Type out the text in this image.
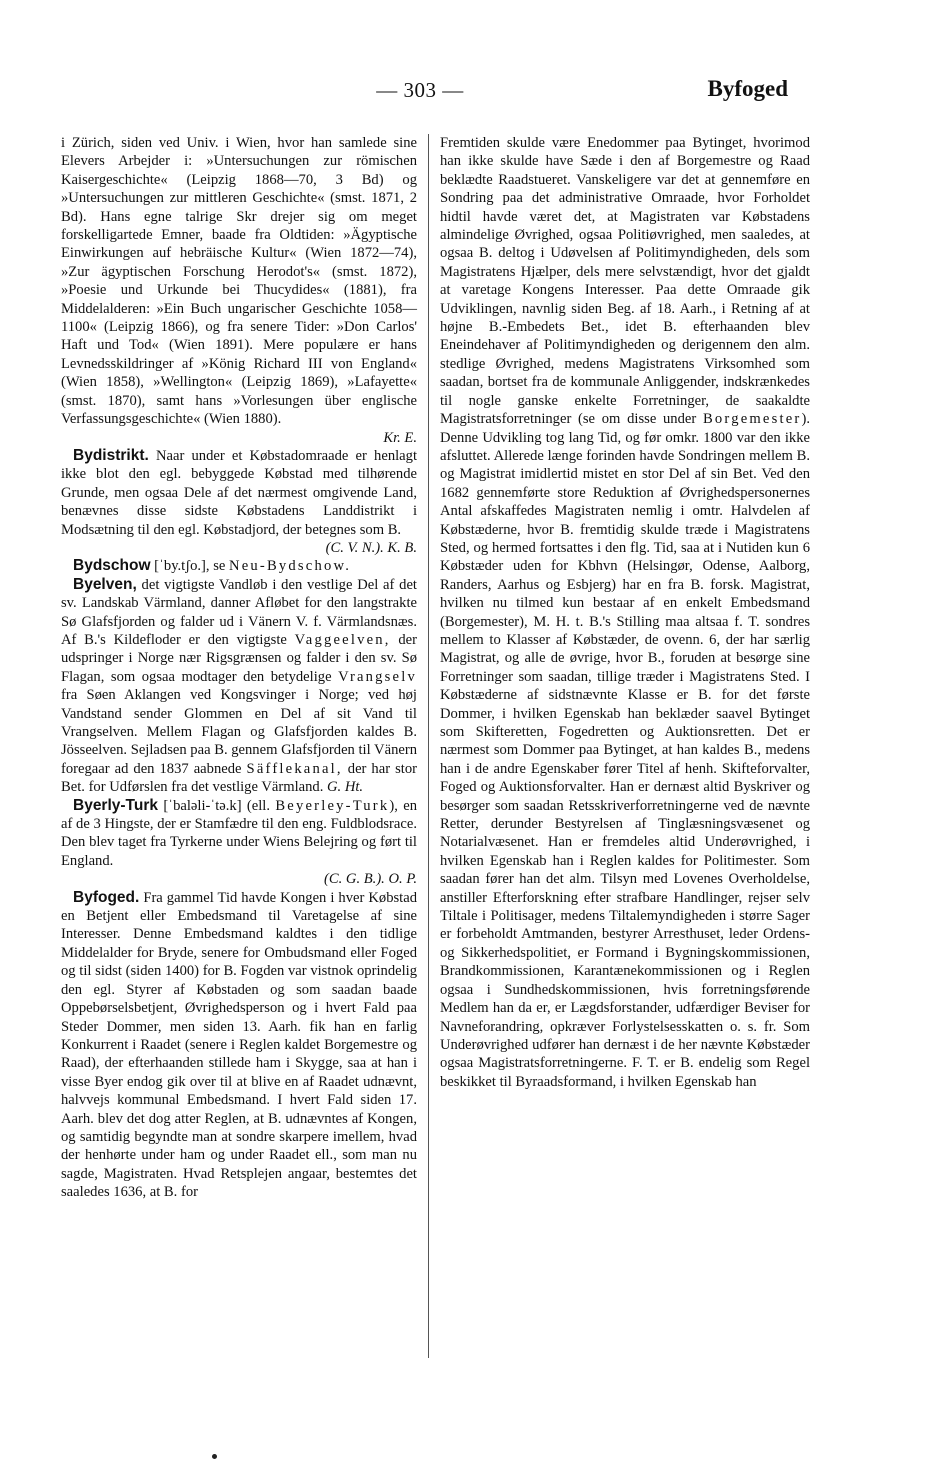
— 303 —	Byfoged

i Zürich, siden ved Univ. i Wien, hvor han samlede sine Elevers Arbejder i: »Untersuchungen zur römischen Kaisergeschichte« (Leipzig 1868—70, 3 Bd) og »Untersuchungen zur mittleren Geschichte« (smst. 1871, 2 Bd). Hans egne talrige Skr drejer sig om meget forskelligartede Emner, baade fra Oldtiden: »Ägyptische Einwirkungen auf hebräische Kultur« (Wien 1872—74), »Zur ägyptischen Forschung Herodot's« (smst. 1872), »Poesie und Urkunde bei Thucydides« (1881), fra Middelalderen: »Ein Buch ungarischer Geschichte 1058—1100« (Leipzig 1866), og fra senere Tider: »Don Carlos' Haft und Tod« (Wien 1891). Mere populære er hans Levnedsskildringer af »König Richard III von England« (Wien 1858), »Wellington« (Leipzig 1869), »Lafayette« (smst. 1870), samt hans »Vorlesungen über englische Verfassungsgeschichte« (Wien 1880).
Kr. E.

Bydistrikt. Naar under et Købstadomraade er henlagt ikke blot den egl. bebyggede Købstad med tilhørende Grunde, men ogsaa Dele af det nærmest omgivende Land, benævnes disse sidste Købstadens Landdistrikt i Modsætning til den egl. Købstadjord, der betegnes som B.
(C. V. N.). K. B.

Bydschow [ˈby.tʃo.], se Neu-Bydschow.

Byelven, det vigtigste Vandløb i den vestlige Del af det sv. Landskab Värmland, danner Afløbet for den langstrakte Sø Glafsfjorden og falder ud i Vänern V. f. Värmlandsnæs. Af B.'s Kildefloder er den vigtigste Vaggeelven, der udspringer i Norge nær Rigsgrænsen og falder i den sv. Sø Flagan, som ogsaa modtager den betydelige Vrangselv fra Søen Aklangen ved Kongsvinger i Norge; ved høj Vandstand sender Glommen en Del af sit Vand til Vrangselven. Mellem Flagan og Glafsfjorden kaldes B. Jösseelven. Sejladsen paa B. gennem Glafsfjorden til Vänern foregaar ad den 1837 aabnede Säfflekanal, der har stor Bet. for Udførslen fra det vestlige Värmland. G. Ht.

Byerly-Turk [ˈbaləli-ˈtə.k] (ell. Beyerley-Turk), en af de 3 Hingste, der er Stamfædre til den eng. Fuldblodsrace. Den blev taget fra Tyrkerne under Wiens Belejring og ført til England.
(C. G. B.). O. P.

Byfoged. Fra gammel Tid havde Kongen i hver Købstad en Betjent eller Embedsmand til Varetagelse af sine Interesser. Denne Embedsmand kaldtes i den tidlige Middelalder for Bryde, senere for Ombudsmand eller Foged og til sidst (siden 1400) for B. Fogden var vistnok oprindelig den egl. Styrer af Købstaden og som saadan baade Oppebørselsbetjent, Øvrighedsperson og i hvert Fald paa Steder Dommer, men siden 13. Aarh. fik han en farlig Konkurrent i Raadet (senere i Reglen kaldet Borgemestre og Raad), der efterhaanden stillede ham i Skygge, saa at han i visse Byer endog gik over til at blive en af Raadet udnævnt, halvvejs kommunal Embedsmand. I hvert Fald siden 17. Aarh. blev det dog atter Reglen, at B. udnævntes af Kongen, og samtidig begyndte man at sondre skarpere imellem, hvad der henhørte under ham og under Raadet ell., som man nu sagde, Magistraten. Hvad Retsplejen angaar, bestemtes det saaledes 1636, at B. for

Fremtiden skulde være Enedommer paa Bytinget, hvorimod han ikke skulde have Sæde i den af Borgemestre og Raad beklædte Raadstueret. Vanskeligere var det at gennemføre en Sondring paa det administrative Omraade, hvor Forholdet hidtil havde været det, at Magistraten var Købstadens almindelige Øvrighed, ogsaa Politiøvrighed, men saaledes, at ogsaa B. deltog i Udøvelsen af Politimyndigheden, dels som Magistratens Hjælper, dels mere selvstændigt, hvor det gjaldt at varetage Kongens Interesser. Paa dette Omraade gik Udviklingen, navnlig siden Beg. af 18. Aarh., i Retning af at højne B.-Embedets Bet., idet B. efterhaanden blev Eneindehaver af Politimyndigheden og derigennem den alm. stedlige Øvrighed, medens Magistratens Virksomhed som saadan, bortset fra de kommunale Anliggender, indskrænkedes til nogle ganske enkelte Forretninger, de saakaldte Magistratsforretninger (se om disse under Borgemester). Denne Udvikling tog lang Tid, og før omkr. 1800 var den ikke afsluttet. Allerede længe forinden havde Sondringen mellem B. og Magistrat imidlertid mistet en stor Del af sin Bet. Ved den 1682 gennemførte store Reduktion af Øvrighedspersonernes Antal afskaffedes Magistraten nemlig i omtr. Halvdelen af Købstæderne, hvor B. fremtidig skulde træde i Magistratens Sted, og hermed fortsattes i den flg. Tid, saa at i Nutiden kun 6 Købstæder uden for Kbhvn (Helsingør, Odense, Aalborg, Randers, Aarhus og Esbjerg) har en fra B. forsk. Magistrat, hvilken nu tilmed kun bestaar af en enkelt Embedsmand (Borgemester), M. H. t. B.'s Stilling maa altsaa f. T. sondres mellem to Klasser af Købstæder, de ovenn. 6, der har særlig Magistrat, og alle de øvrige, hvor B., foruden at besørge sine Forretninger som saadan, tillige træder i Magistratens Sted. I Købstæderne af sidstnævnte Klasse er B. for det første Dommer, i hvilken Egenskab han beklæder saavel Bytinget som Skifteretten, Fogedretten og Auktionsretten. Det er nærmest som Dommer paa Bytinget, at han kaldes B., medens han i de andre Egenskaber fører Titel af henh. Skifteforvalter, Foged og Auktionsforvalter. Han er dernæst altid Byskriver og besørger som saadan Retsskriverforretningerne ved de nævnte Retter, derunder Bestyrelsen af Tinglæsningsvæsenet og Notarialvæsenet. Han er fremdeles altid Underøvrighed, i hvilken Egenskab han i Reglen kaldes for Politimester. Som saadan fører han det alm. Tilsyn med Lovenes Overholdelse, anstiller Efterforskning efter strafbare Handlinger, rejser selv Tiltale i Politisager, medens Tiltalemyndigheden i større Sager er forbeholdt Amtmanden, bestyrer Arresthuset, leder Ordens- og Sikkerhedspolitiet, er Formand i Bygningskommissionen, Brandkommissionen, Karantænekommissionen og i Reglen ogsaa i Sundhedskommissionen, hvis forretningsførende Medlem han da er, er Lægdsforstander, udfærdiger Beviser for Navneforandring, opkræver Forlystelsesskatten o. s. fr. Som Underøvrighed udfører han dernæst i de her nævnte Købstæder ogsaa Magistratsforretningerne. F. T. er B. endelig som Regel beskikket til Byraadsformand, i hvilken Egenskab han
